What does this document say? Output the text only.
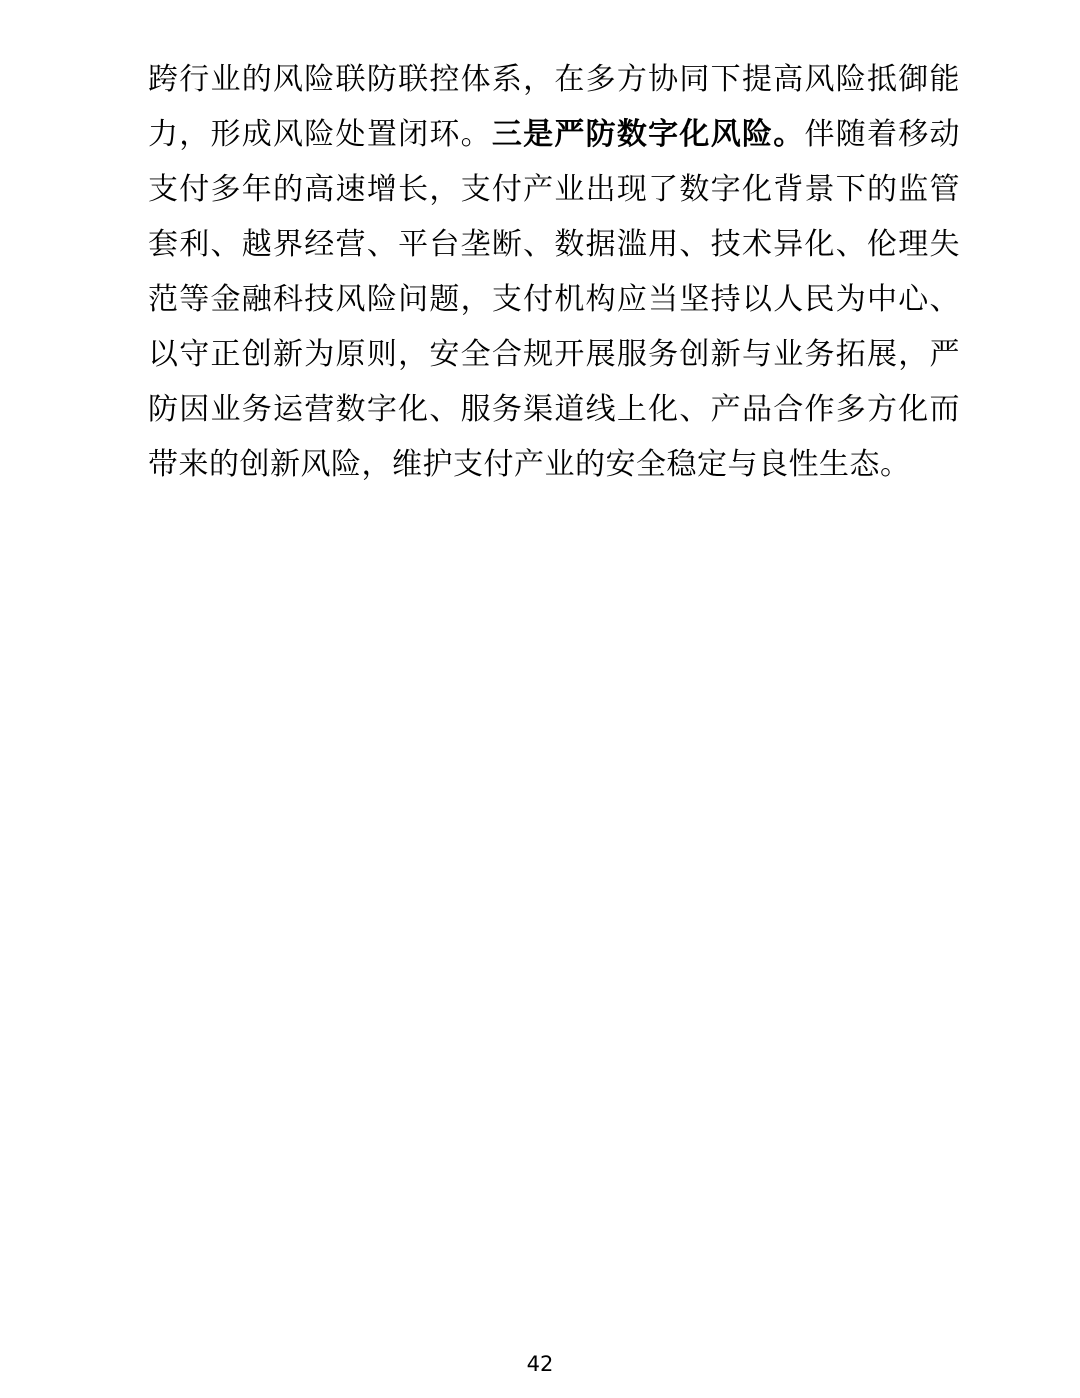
跨行业的风险联防联控体系，在多方协同下提高风险抵御能力，形成风险处置闭环。三是严防数字化风险。伴随着移动支付多年的高速增长，支付产业出现了数字化背景下的监管套利、越界经营、平台垄断、数据滥用、技术异化、伦理失范等金融科技风险问题，支付机构应当坚持以人民为中心、以守正创新为原则，安全合规开展服务创新与业务拓展，严防因业务运营数字化、服务渠道线上化、产品合作多方化而带来的创新风险，维护支付产业的安全稳定与良性生态。

42
